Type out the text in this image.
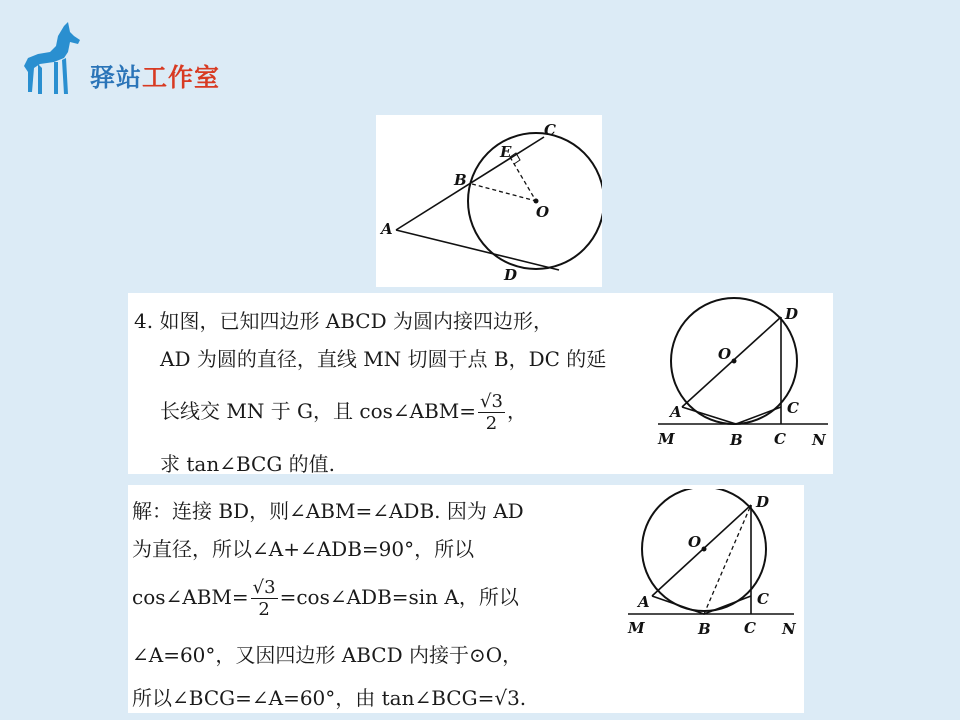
驿站工作室
C
E
B
O
A
D
4. 如图，已知四边形 ABCD 为圆内接四边形，
AD 为圆的直径，直线 MN 切圆于点 B，DC 的延
长线交 MN 于 G，且 cos∠ABM= $\frac{√3}{2}$ ，
求 tan∠BCG 的值.
D
O
A	C
M	B C N
解：连接 BD，则∠ABM=∠ADB. 因为 AD
为直径，所以∠A+∠ADB=90°，所以
cos∠ABM= $\frac{√3}{2}$ =cos∠ADB=sin A，所以
∠A=60°，又因四边形 ABCD 内接于⊙O，
所以∠BCG=∠A=60°，由 tan∠BCG=√3.
D
O
A	C
M	B C N
